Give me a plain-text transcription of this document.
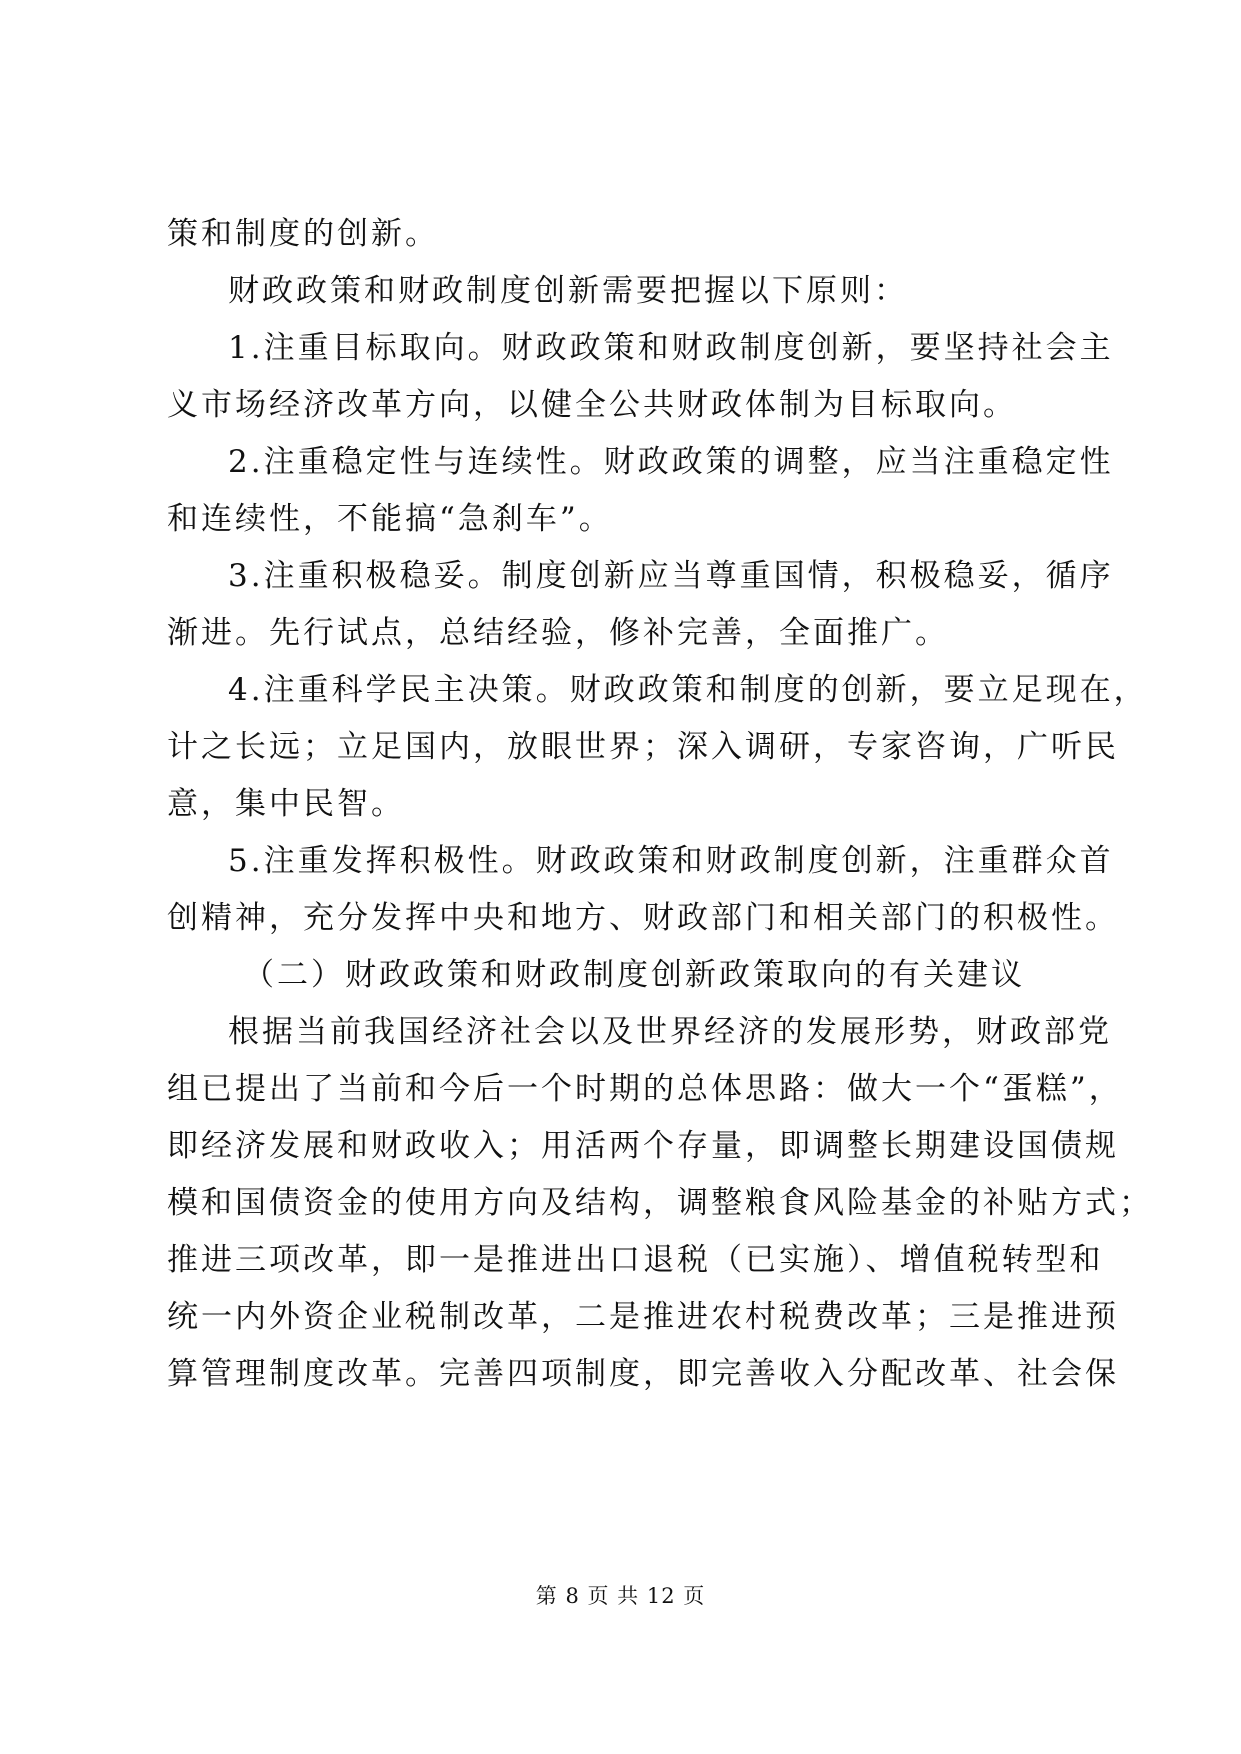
策和制度的创新。
财政政策和财政制度创新需要把握以下原则：
1.注重目标取向。财政政策和财政制度创新，要坚持社会主
义市场经济改革方向，以健全公共财政体制为目标取向。
2.注重稳定性与连续性。财政政策的调整，应当注重稳定性
和连续性，不能搞“急刹车”。
3.注重积极稳妥。制度创新应当尊重国情，积极稳妥，循序
渐进。先行试点，总结经验，修补完善，全面推广。
4.注重科学民主决策。财政政策和制度的创新，要立足现在，
计之长远；立足国内，放眼世界；深入调研，专家咨询，广听民
意，集中民智。
5.注重发挥积极性。财政政策和财政制度创新，注重群众首
创精神，充分发挥中央和地方、财政部门和相关部门的积极性。
（二）财政政策和财政制度创新政策取向的有关建议
根据当前我国经济社会以及世界经济的发展形势，财政部党
组已提出了当前和今后一个时期的总体思路：做大一个“蛋糕”，
即经济发展和财政收入；用活两个存量，即调整长期建设国债规
模和国债资金的使用方向及结构，调整粮食风险基金的补贴方式；
推进三项改革，即一是推进出口退税（已实施）、增值税转型和
统一内外资企业税制改革，二是推进农村税费改革；三是推进预
算管理制度改革。完善四项制度，即完善收入分配改革、社会保
第 8 页 共 12 页
